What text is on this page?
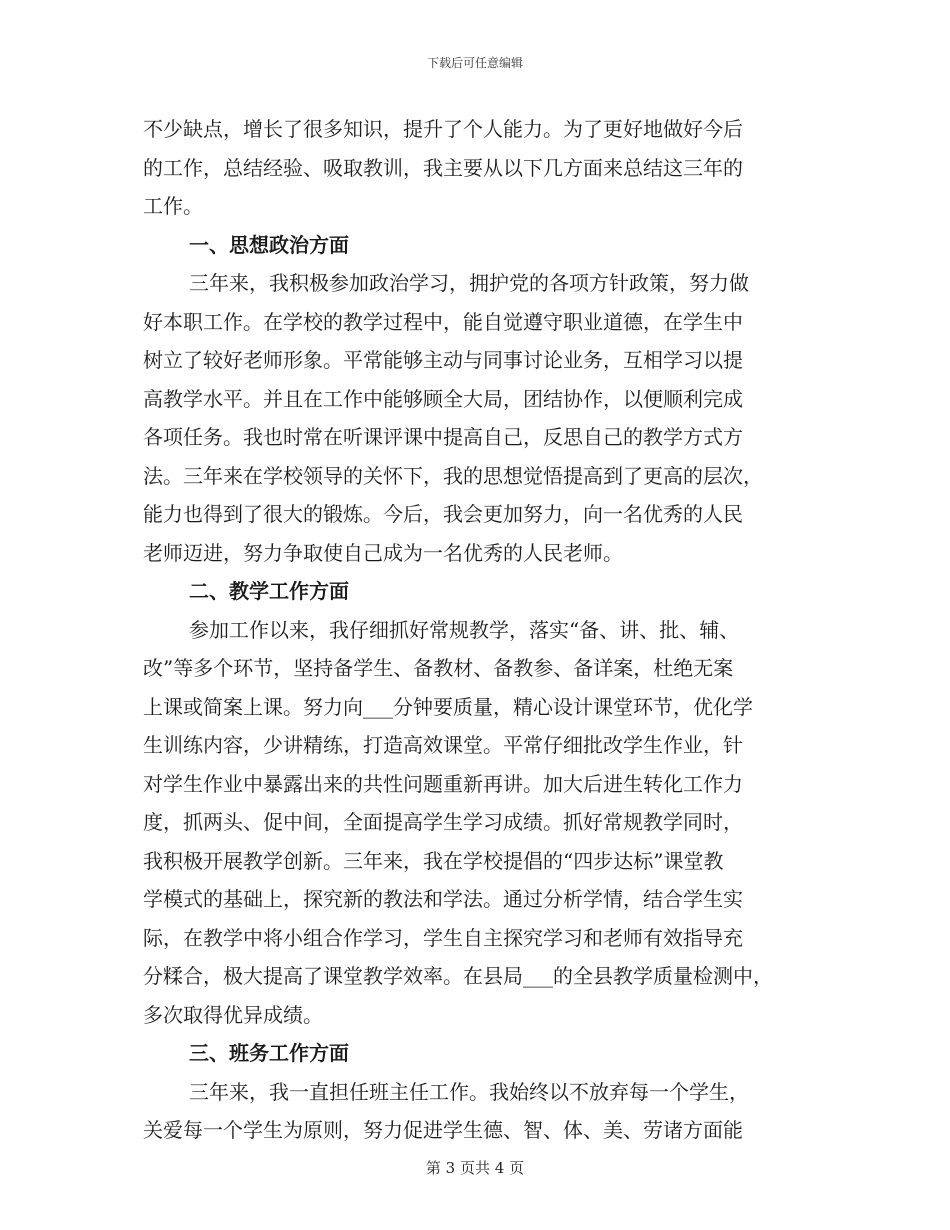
下载后可任意编辑
不少缺点，增长了很多知识，提升了个人能力。为了更好地做好今后
的工作，总结经验、吸取教训，我主要从以下几方面来总结这三年的
工作。
一、思想政治方面
三年来，我积极参加政治学习，拥护党的各项方针政策，努力做
好本职工作。在学校的教学过程中，能自觉遵守职业道德，在学生中
树立了较好老师形象。平常能够主动与同事讨论业务，互相学习以提
高教学水平。并且在工作中能够顾全大局，团结协作，以便顺利完成
各项任务。我也时常在听课评课中提高自己，反思自己的教学方式方
法。三年来在学校领导的关怀下，我的思想觉悟提高到了更高的层次，
能力也得到了很大的锻炼。今后，我会更加努力，向一名优秀的人民
老师迈进，努力争取使自己成为一名优秀的人民老师。
二、教学工作方面
参加工作以来，我仔细抓好常规教学，落实“备、讲、批、辅、
改”等多个环节，坚持备学生、备教材、备教参、备详案，杜绝无案
上课或简案上课。努力向___分钟要质量，精心设计课堂环节，优化学
生训练内容，少讲精练，打造高效课堂。平常仔细批改学生作业，针
对学生作业中暴露出来的共性问题重新再讲。加大后进生转化工作力
度，抓两头、促中间，全面提高学生学习成绩。抓好常规教学同时，
我积极开展教学创新。三年来，我在学校提倡的“四步达标”课堂教
学模式的基础上，探究新的教法和学法。通过分析学情，结合学生实
际，在教学中将小组合作学习，学生自主探究学习和老师有效指导充
分糅合，极大提高了课堂教学效率。在县局___的全县教学质量检测中，
多次取得优异成绩。
三、班务工作方面
三年来，我一直担任班主任工作。我始终以不放弃每一个学生，
关爱每一个学生为原则，努力促进学生德、智、体、美、劳诸方面能
第 3 页共 4 页
